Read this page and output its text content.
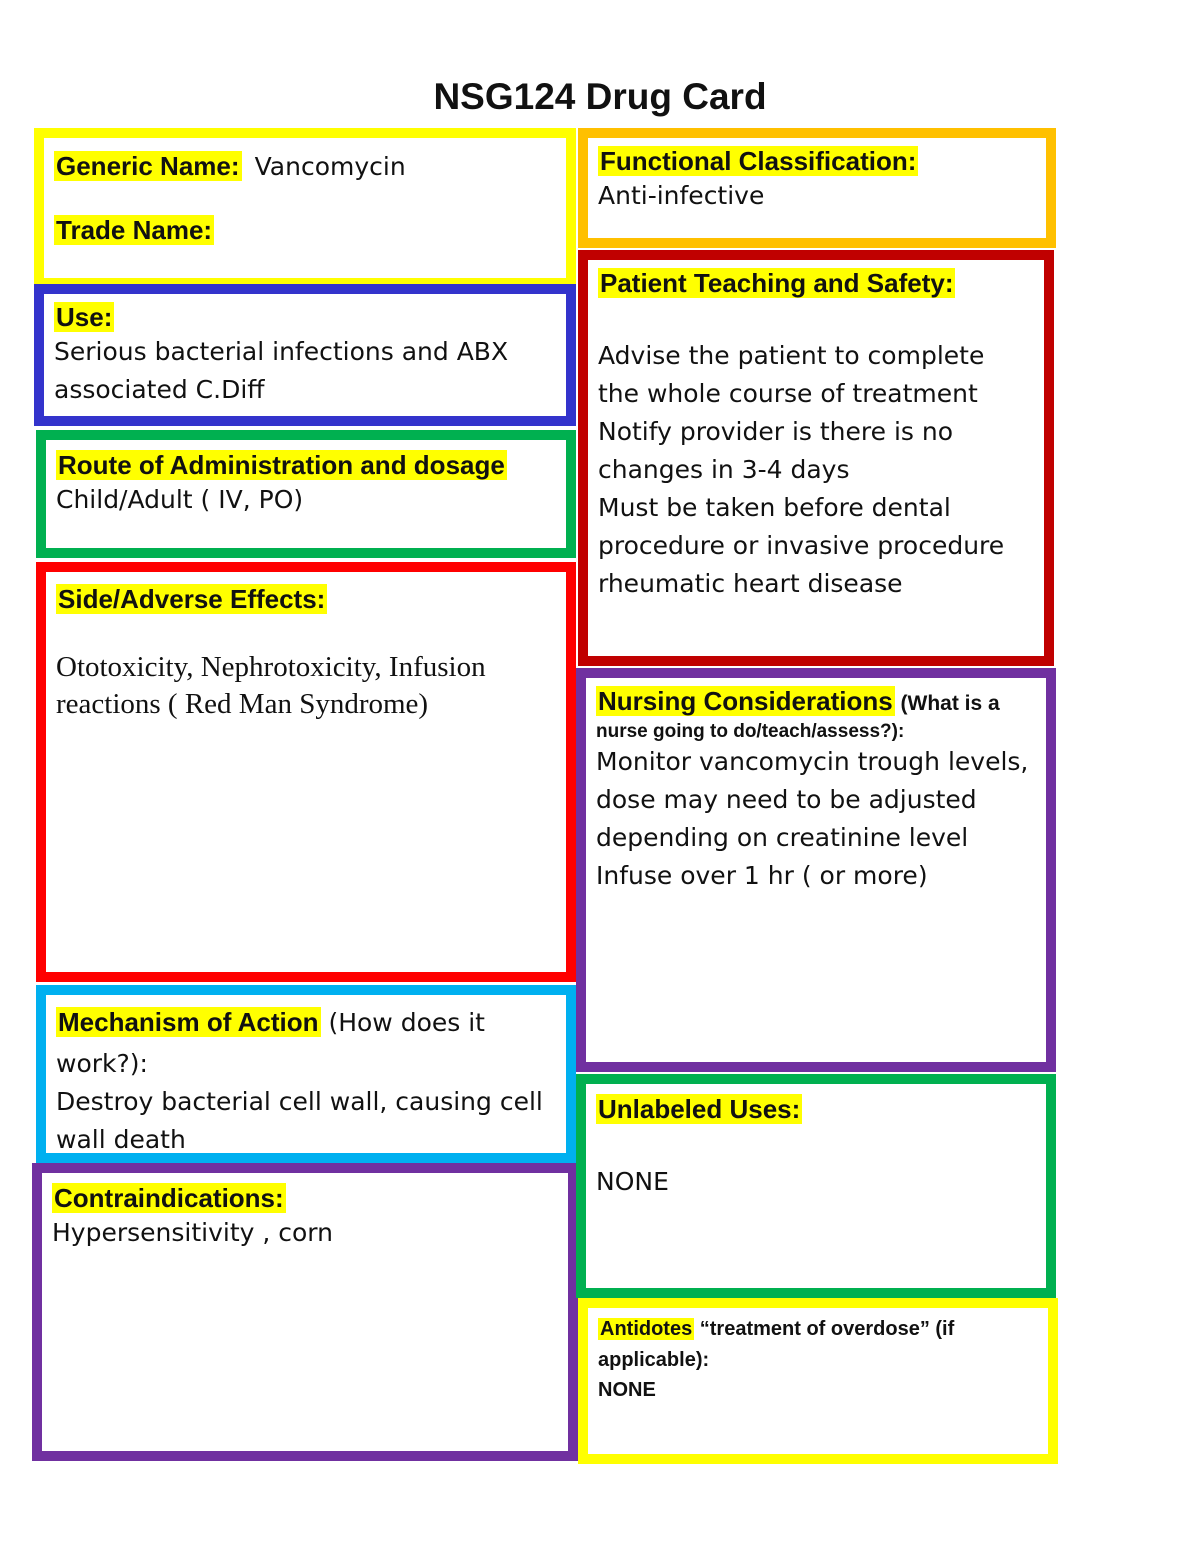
NSG124 Drug Card
Generic Name: Vancomycin
Trade Name:
Use:
Serious bacterial infections and ABX
associated C.Diff
Route of Administration and dosage
Child/Adult ( IV, PO)
Side/Adverse Effects:
Ototoxicity, Nephrotoxicity, Infusion
reactions ( Red Man Syndrome)
Mechanism of Action (How does it
work?):
Destroy bacterial cell wall, causing cell
wall death
Contraindications:
Hypersensitivity , corn
Functional Classification:
Anti-infective
Patient Teaching and Safety:
Advise the patient to complete
the whole course of treatment
Notify provider is there is no
changes in 3-4 days
Must be taken before dental
procedure or invasive procedure
rheumatic heart disease
Nursing Considerations (What is a
nurse going to do/teach/assess?):
Monitor vancomycin trough levels,
dose may need to be adjusted
depending on creatinine level
Infuse over 1 hr ( or more)
Unlabeled Uses:
NONE
Antidotes “treatment of overdose” (if
applicable):
NONE
